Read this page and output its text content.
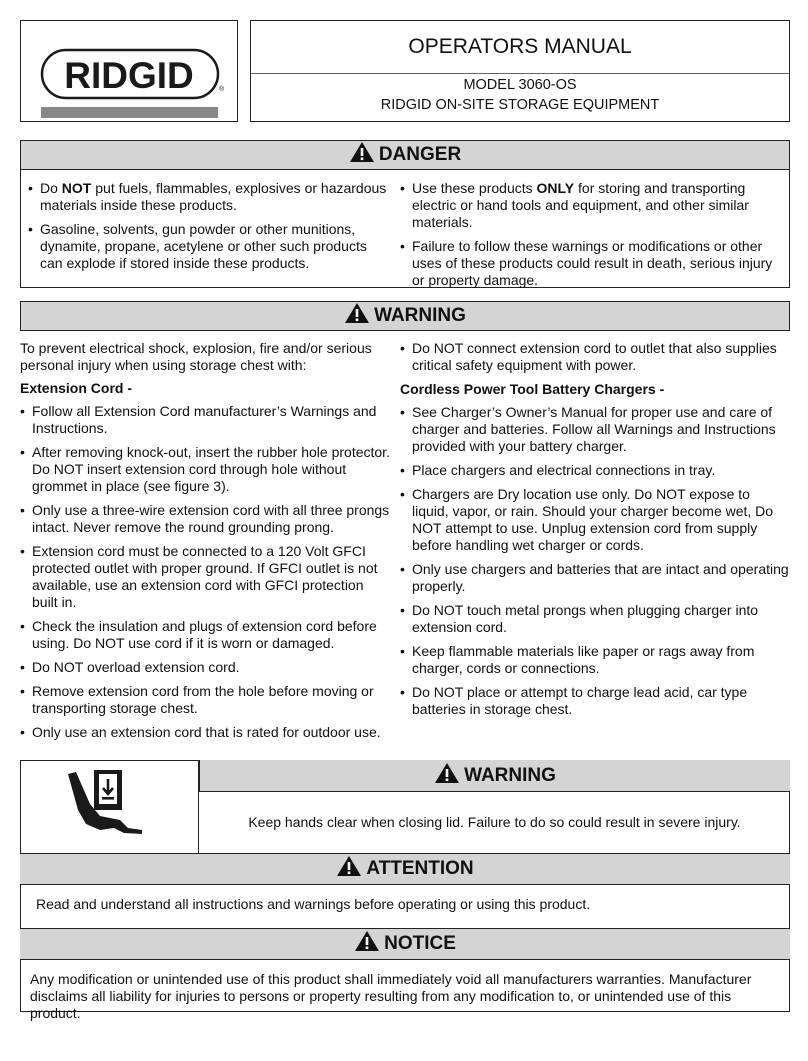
RIDGID	®
OPERATORS MANUAL
MODEL 3060-OS
RIDGID ON-SITE STORAGE EQUIPMENT
DANGER
• Do NOT put fuels, flammables, explosives or hazardous materials inside these products.
• Gasoline, solvents, gun powder or other munitions, dynamite, propane, acetylene or other such products can explode if stored inside these products.
• Use these products ONLY for storing and transporting electric or hand tools and equipment, and other similar materials.
• Failure to follow these warnings or modifications or other uses of these products could result in death, serious injury or property damage.
WARNING

To prevent electrical shock, explosion, fire and/or serious personal injury when using storage chest with:

Extension Cord -

• Follow all Extension Cord manufacturer’s Warnings and Instructions.
• After removing knock-out, insert the rubber hole protector. Do NOT insert extension cord through hole without grommet in place (see figure 3).
• Only use a three-wire extension cord with all three prongs intact. Never remove the round grounding prong.
• Extension cord must be connected to a 120 Volt GFCI protected outlet with proper ground. If GFCI outlet is not available, use an extension cord with GFCI protection built in.
• Check the insulation and plugs of extension cord before using. Do NOT use cord if it is worn or damaged.
• Do NOT overload extension cord.
• Remove extension cord from the hole before moving or transporting storage chest.
• Only use an extension cord that is rated for outdoor use.
• Do NOT connect extension cord to outlet that also supplies critical safety equipment with power.

Cordless Power Tool Battery Chargers -

• See Charger’s Owner’s Manual for proper use and care of charger and batteries. Follow all Warnings and Instructions provided with your battery charger.
• Place chargers and electrical connections in tray.
• Chargers are Dry location use only. Do NOT expose to liquid, vapor, or rain. Should your charger become wet, Do NOT attempt to use. Unplug extension cord from supply before handling wet charger or cords.
• Only use chargers and batteries that are intact and operating properly.
• Do NOT touch metal prongs when plugging charger into extension cord.
• Keep flammable materials like paper or rags away from charger, cords or connections.
• Do NOT place or attempt to charge lead acid, car type batteries in storage chest.
WARNING
Keep hands clear when closing lid. Failure to do so could result in severe injury.
ATTENTION
Read and understand all instructions and warnings before operating or using this product.
NOTICE
Any modification or unintended use of this product shall immediately void all manufacturers warranties. Manufacturer disclaims all liability for injuries to persons or property resulting from any modification to, or unintended use of this product.
